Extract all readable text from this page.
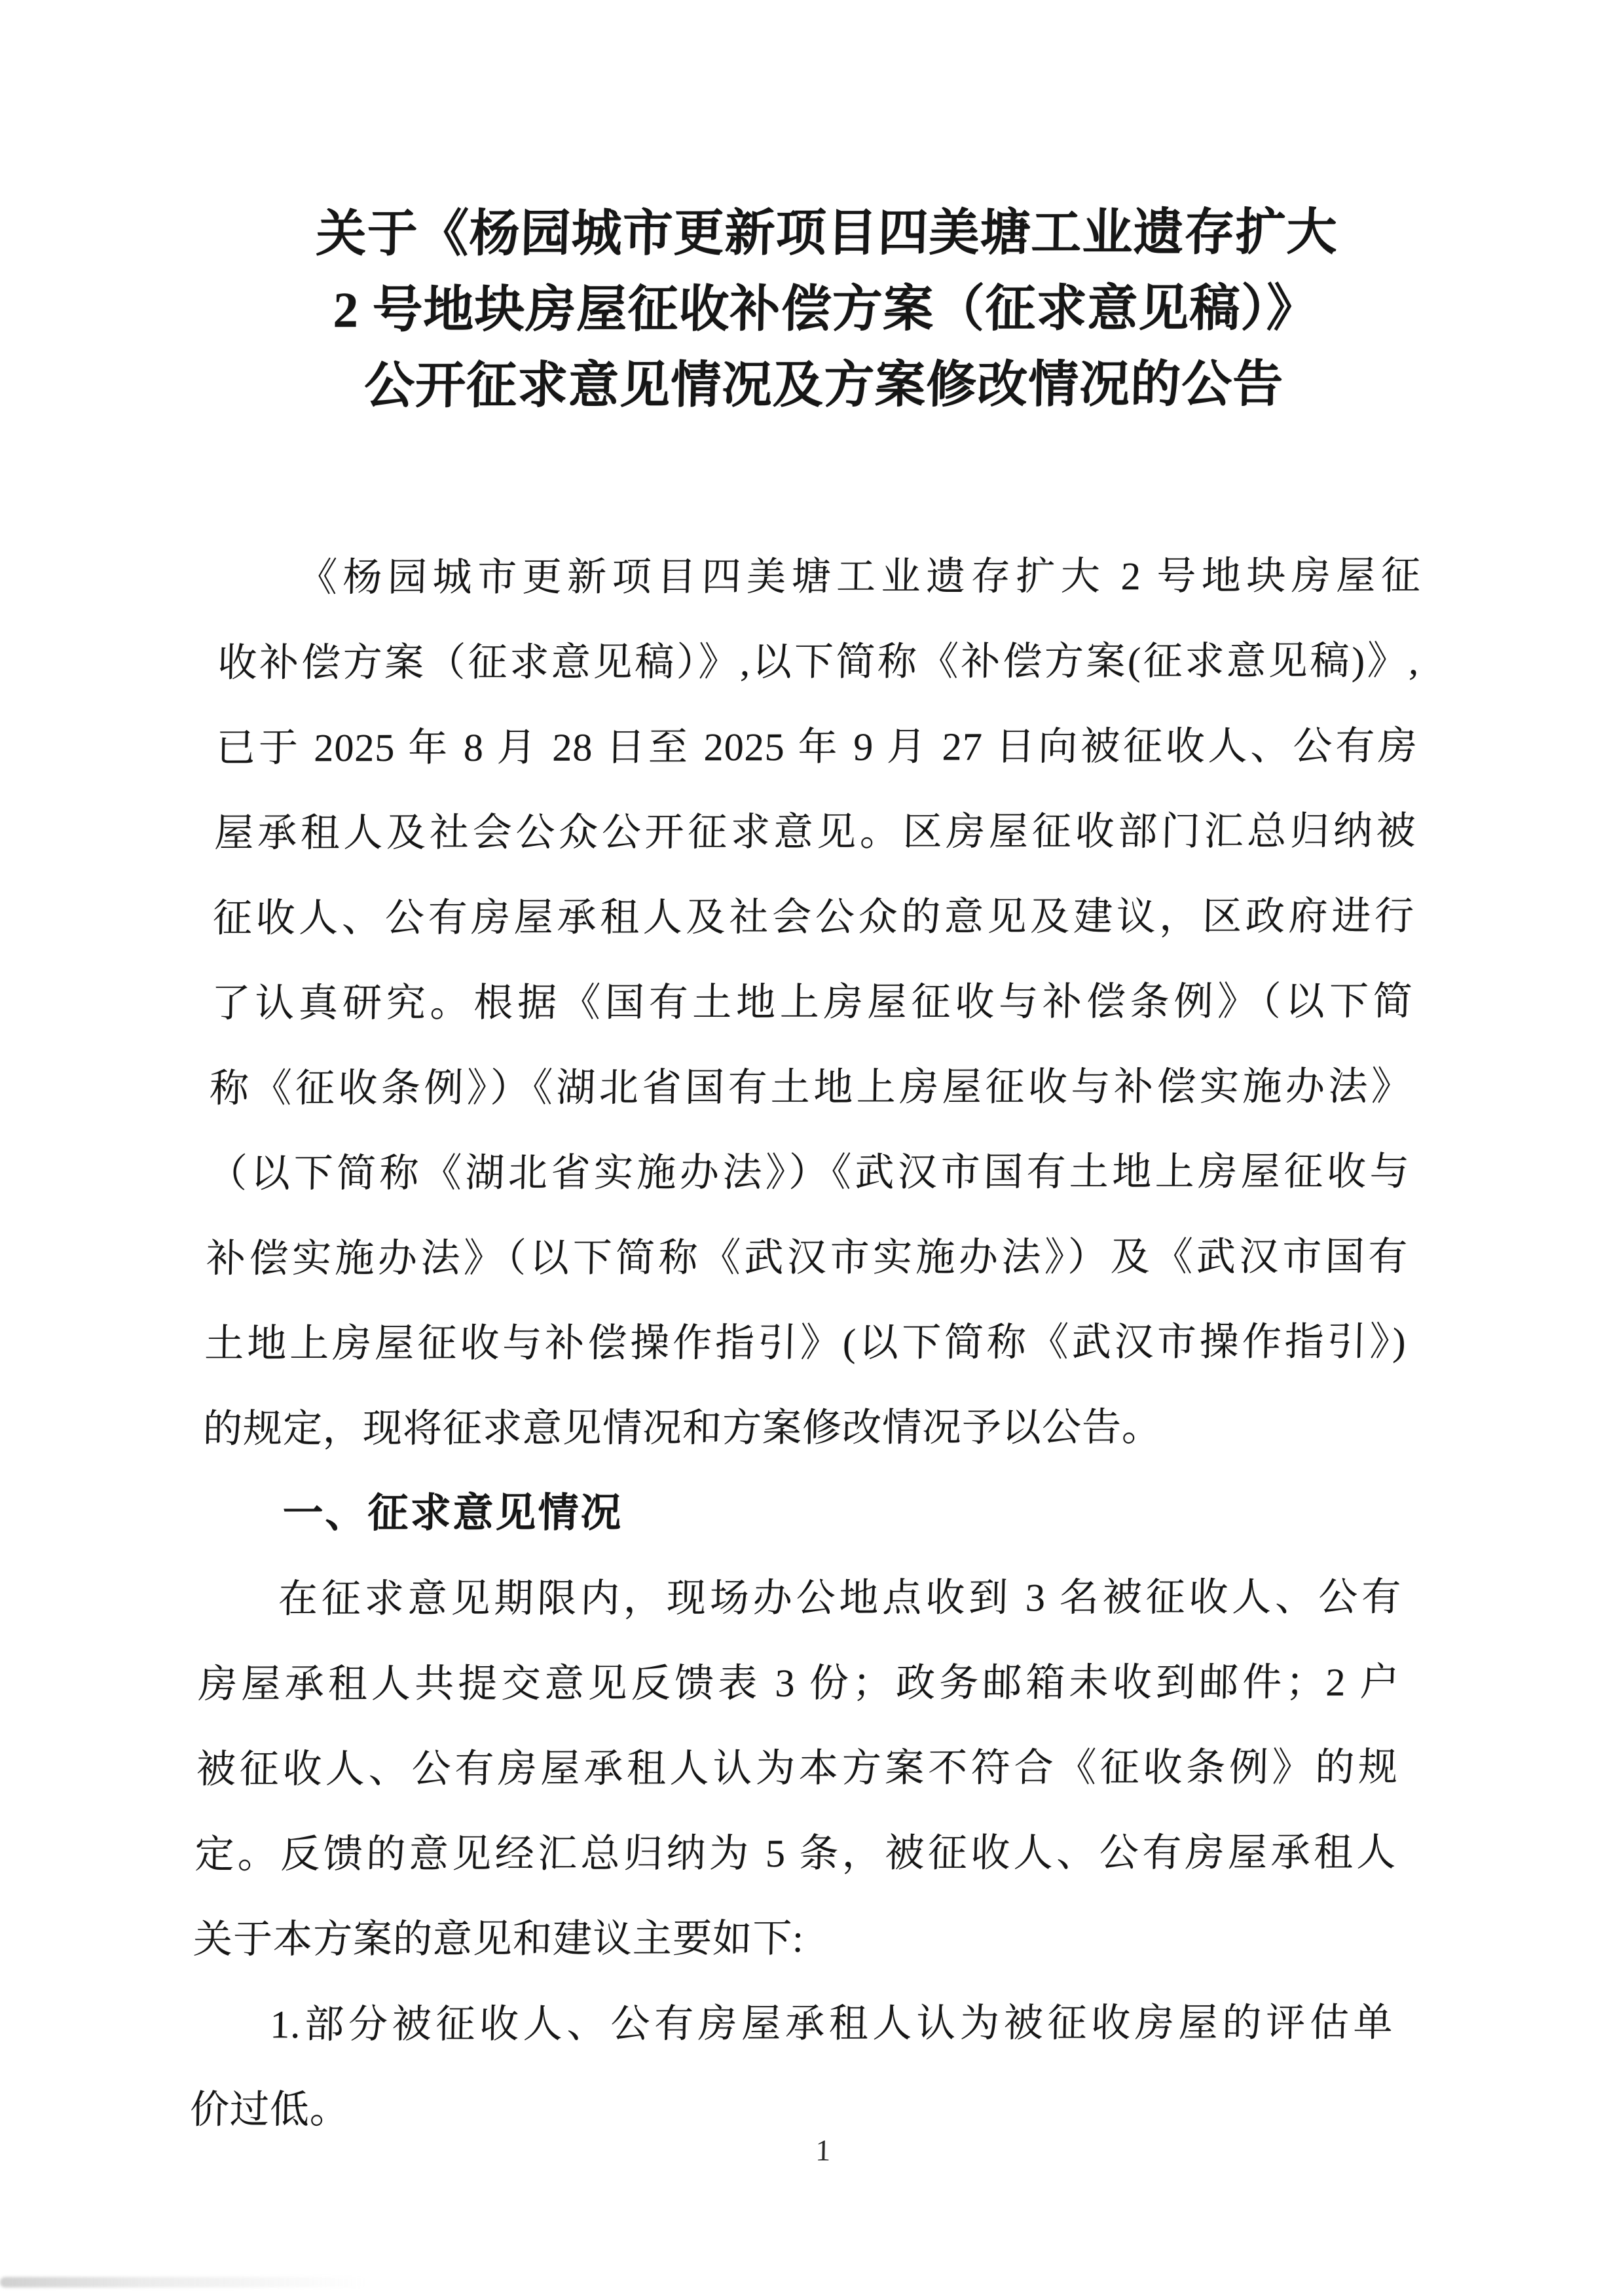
关于《杨园城市更新项目四美塘工业遗存扩大
2 号地块房屋征收补偿方案（征求意见稿）》
公开征求意见情况及方案修改情况的公告
《杨园城市更新项目四美塘工业遗存扩大 2 号地块房屋征
收补偿方案（征求意见稿）》,以下简称《补偿方案(征求意见稿)》,
已于 2025 年 8 月 28 日至 2025 年 9 月 27 日向被征收人、公有房
屋承租人及社会公众公开征求意见。区房屋征收部门汇总归纳被
征收人、公有房屋承租人及社会公众的意见及建议，区政府进行
了认真研究。根据《国有土地上房屋征收与补偿条例》（以下简
称《征收条例》）《湖北省国有土地上房屋征收与补偿实施办法》
（以下简称《湖北省实施办法》）《武汉市国有土地上房屋征收与
补偿实施办法》（以下简称《武汉市实施办法》）及《武汉市国有
土地上房屋征收与补偿操作指引》(以下简称《武汉市操作指引》)
的规定，现将征求意见情况和方案修改情况予以公告。
一、征求意见情况
在征求意见期限内，现场办公地点收到 3 名被征收人、公有
房屋承租人共提交意见反馈表 3 份；政务邮箱未收到邮件；2 户
被征收人、公有房屋承租人认为本方案不符合《征收条例》的规
定。反馈的意见经汇总归纳为 5 条，被征收人、公有房屋承租人
关于本方案的意见和建议主要如下:
1.部分被征收人、公有房屋承租人认为被征收房屋的评估单
价过低。
1
